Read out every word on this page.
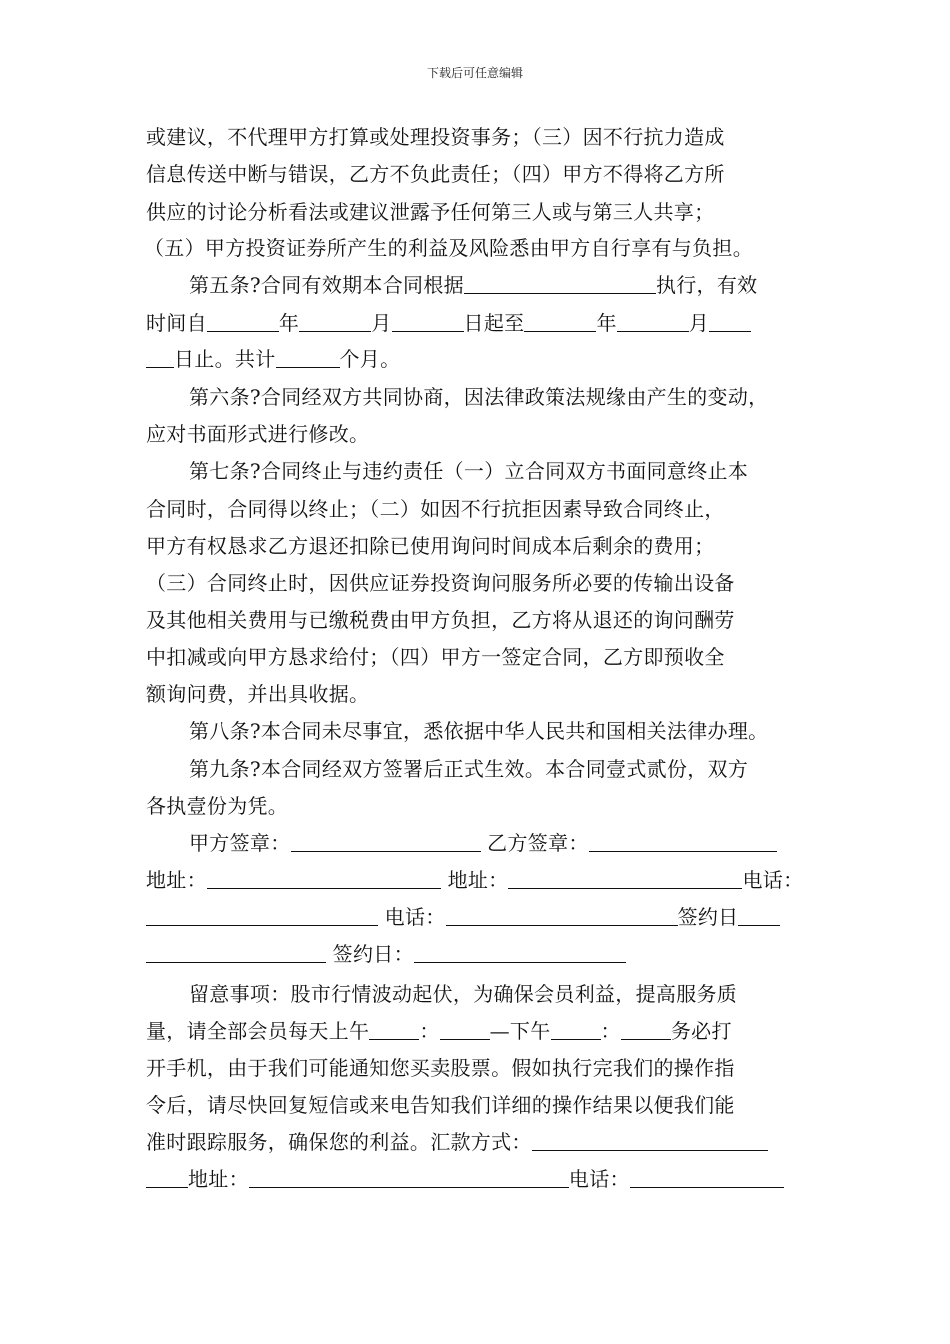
下载后可任意编辑
或建议，不代理甲方打算或处理投资事务；（三）因不行抗力造成
信息传送中断与错误，乙方不负此责任；（四）甲方不得将乙方所
供应的讨论分析看法或建议泄露予任何第三人或与第三人共享；
（五）甲方投资证券所产生的利益及风险悉由甲方自行享有与负担。
第五条?合同有效期本合同根据	执行，有效
时间自	年	月	日起至	年	月
日止。共计	个月。
第六条?合同经双方共同协商，因法律政策法规缘由产生的变动，
应对书面形式进行修改。
第七条?合同终止与违约责任（一）立合同双方书面同意终止本
合同时，合同得以终止；（二）如因不行抗拒因素导致合同终止，
甲方有权恳求乙方退还扣除已使用询问时间成本后剩余的费用；
（三）合同终止时，因供应证券投资询问服务所必要的传输出设备
及其他相关费用与已缴税费由甲方负担，乙方将从退还的询问酬劳
中扣减或向甲方恳求给付；（四）甲方一签定合同，乙方即预收全
额询问费，并出具收据。
第八条?本合同未尽事宜，悉依据中华人民共和国相关法律办理。
第九条?本合同经双方签署后正式生效。本合同壹式贰份，双方
各执壹份为凭。
甲方签章：	乙方签章：
地址：	地址：	电话：
电话：	签约日
签约日：
留意事项：股市行情波动起伏，为确保会员利益，提高服务质
量，请全部会员每天上午	：	—下午	：	务必打
开手机，由于我们可能通知您买卖股票。假如执行完我们的操作指
令后，请尽快回复短信或来电告知我们详细的操作结果以便我们能
准时跟踪服务，确保您的利益。汇款方式：
地址：	电话：
